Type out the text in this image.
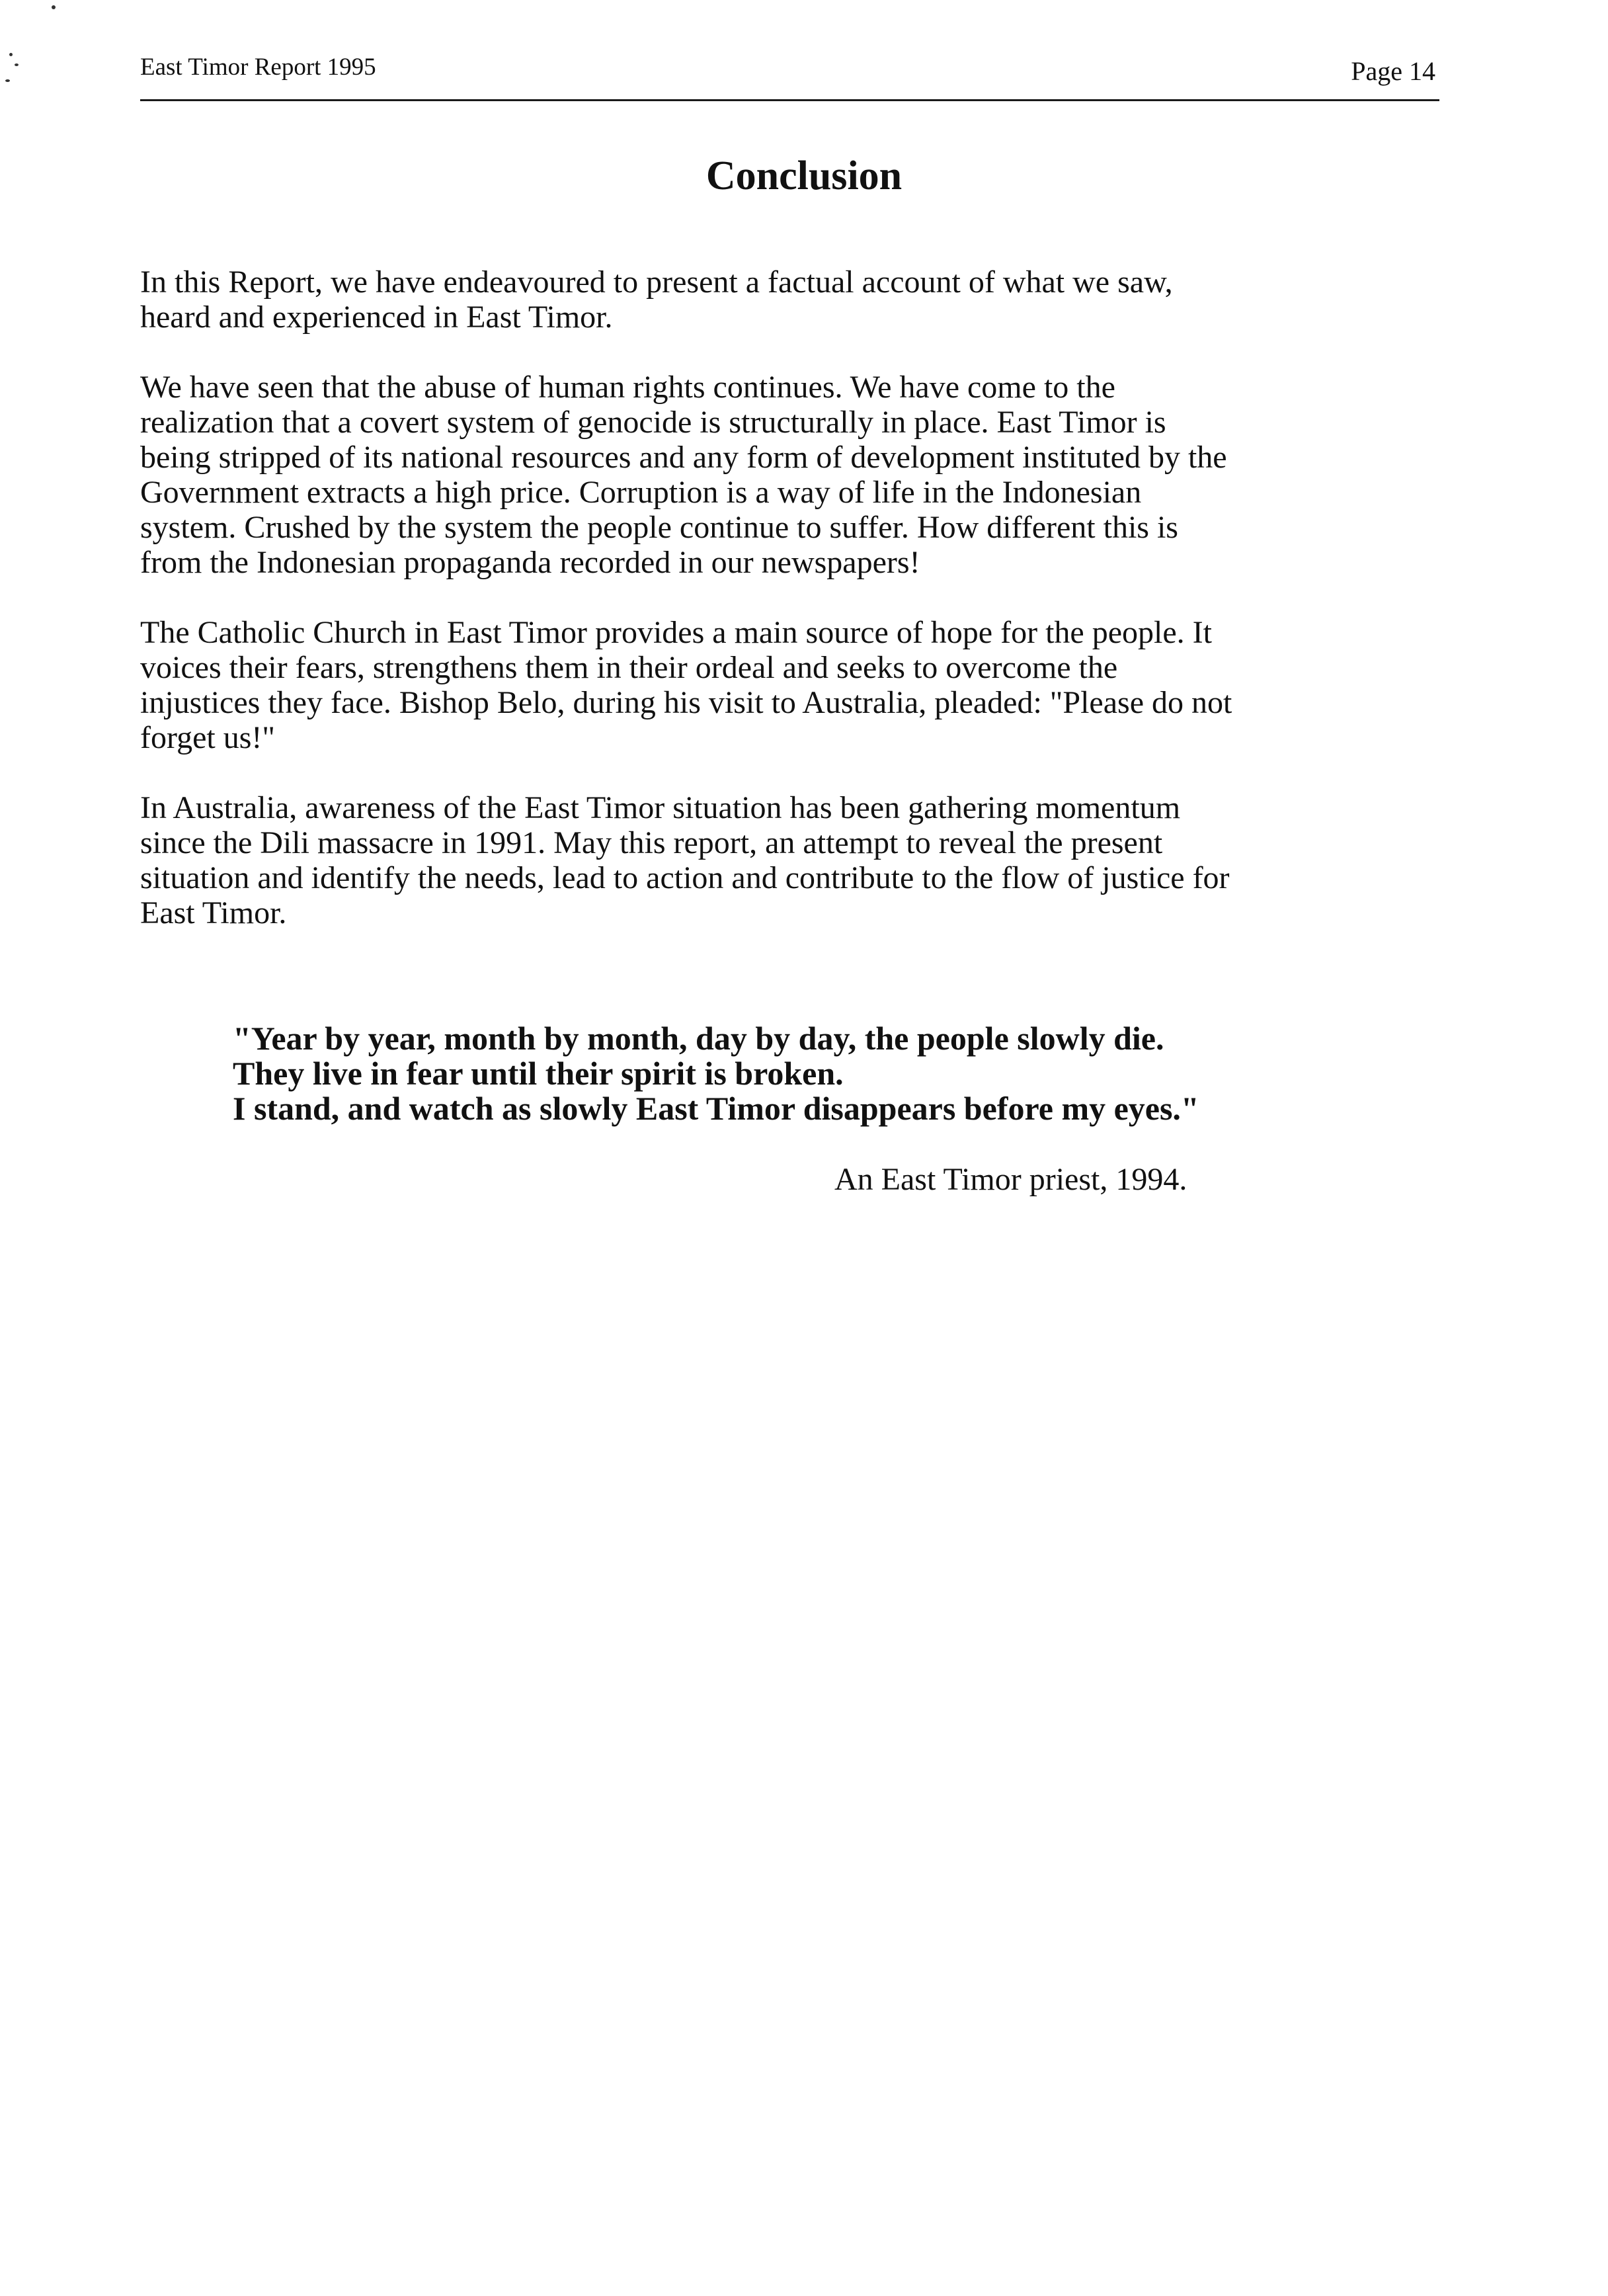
East Timor Report 1995	Page 14
Conclusion

In this Report, we have endeavoured to present a factual account of what we saw,
heard and experienced in East Timor.

We have seen that the abuse of human rights continues. We have come to the
realization that a covert system of genocide is structurally in place. East Timor is
being stripped of its national resources and any form of development instituted by the
Government extracts a high price. Corruption is a way of life in the Indonesian
system. Crushed by the system the people continue to suffer. How different this is
from the Indonesian propaganda recorded in our newspapers!

The Catholic Church in East Timor provides a main source of hope for the people. It
voices their fears, strengthens them in their ordeal and seeks to overcome the
injustices they face. Bishop Belo, during his visit to Australia, pleaded: "Please do not
forget us!"

In Australia, awareness of the East Timor situation has been gathering momentum
since the Dili massacre in 1991. May this report, an attempt to reveal the present
situation and identify the needs, lead to action and contribute to the flow of justice for
East Timor.

"Year by year, month by month, day by day, the people slowly die.
They live in fear until their spirit is broken.
I stand, and watch as slowly East Timor disappears before my eyes."
An East Timor priest, 1994.
